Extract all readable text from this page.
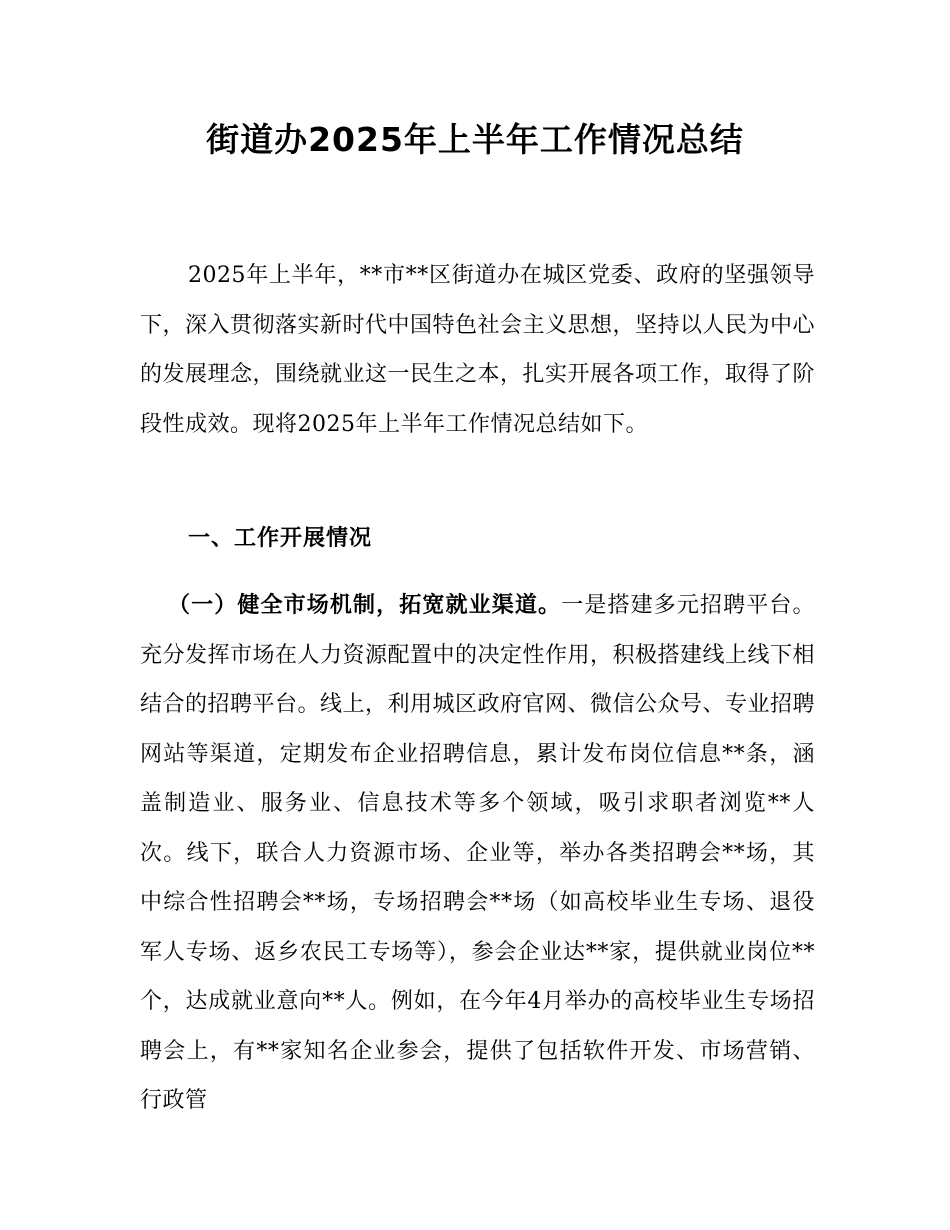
街道办2025年上半年工作情况总结

2025年上半年，**市**区街道办在城区党委、政府的坚强领导下，深入贯彻落实新时代中国特色社会主义思想，坚持以人民为中心的发展理念，围绕就业这一民生之本，扎实开展各项工作，取得了阶段性成效。现将2025年上半年工作情况总结如下。

一、工作开展情况

（一）健全市场机制，拓宽就业渠道。一是搭建多元招聘平台。充分发挥市场在人力资源配置中的决定性作用，积极搭建线上线下相结合的招聘平台。线上，利用城区政府官网、微信公众号、专业招聘网站等渠道，定期发布企业招聘信息，累计发布岗位信息**条，涵盖制造业、服务业、信息技术等多个领域，吸引求职者浏览**人次。线下，联合人力资源市场、企业等，举办各类招聘会**场，其中综合性招聘会**场，专场招聘会**场（如高校毕业生专场、退役军人专场、返乡农民工专场等），参会企业达**家，提供就业岗位**个，达成就业意向**人。例如，在今年4月举办的高校毕业生专场招聘会上，有**家知名企业参会，提供了包括软件开发、市场营销、行政管
